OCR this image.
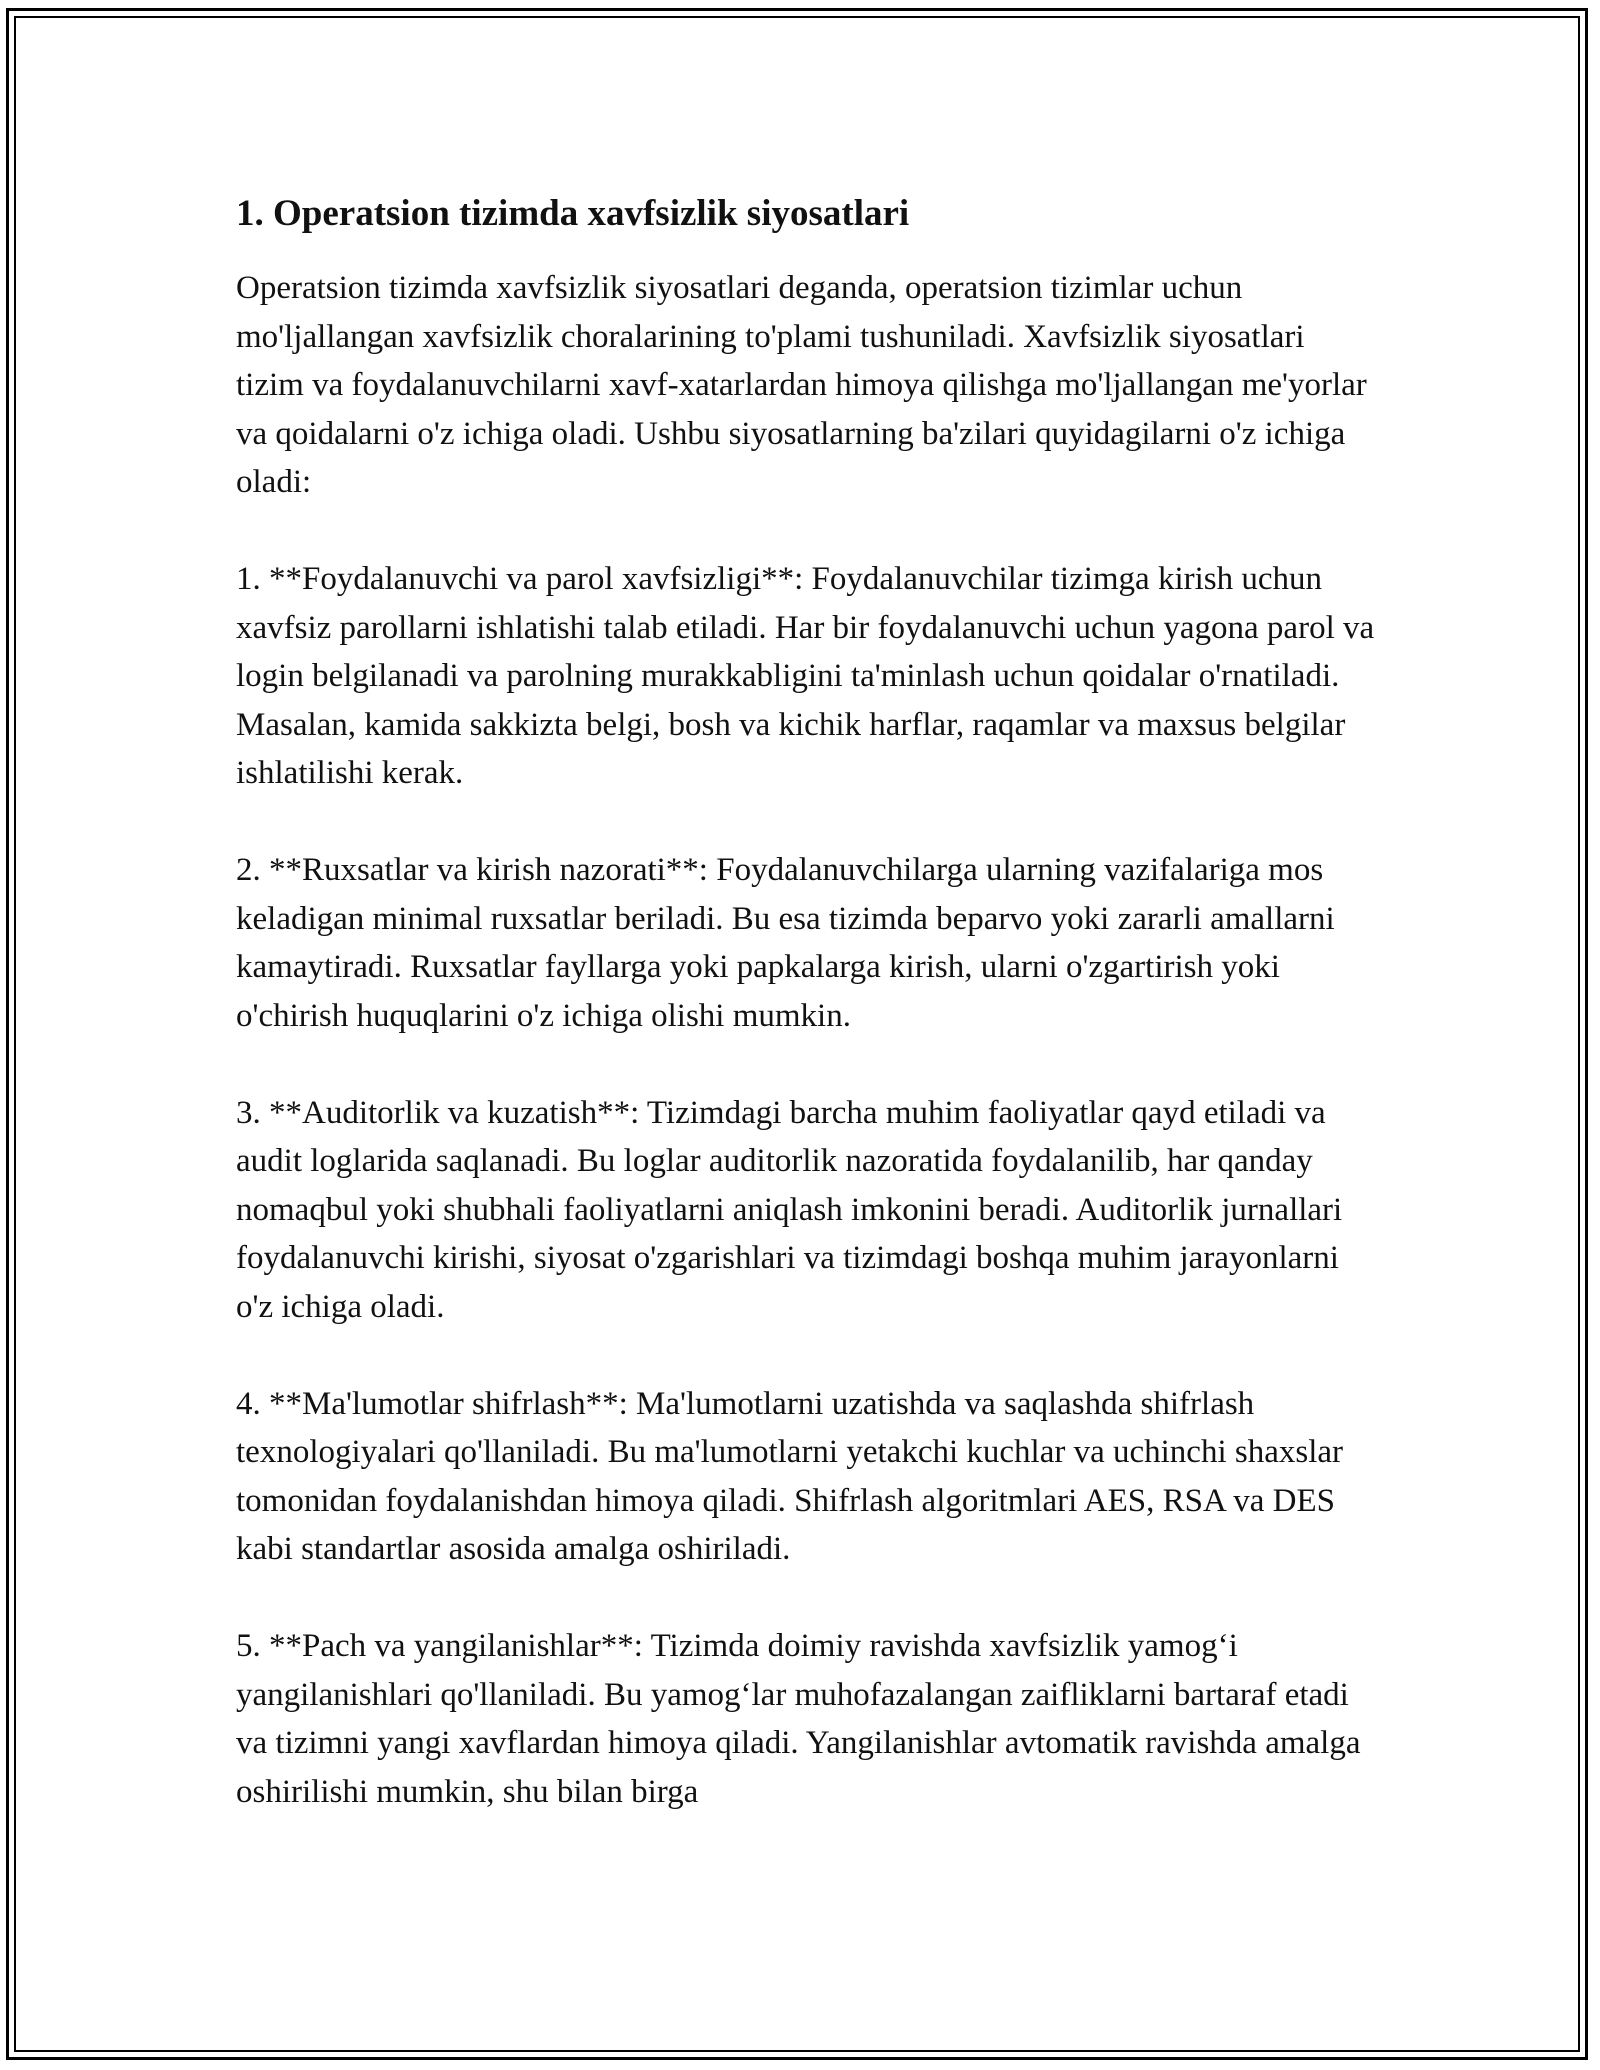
1. Operatsion tizimda xavfsizlik siyosatlari

Operatsion tizimda xavfsizlik siyosatlari deganda, operatsion tizimlar uchun mo'ljallangan xavfsizlik choralarining to'plami tushuniladi. Xavfsizlik siyosatlari tizim va foydalanuvchilarni xavf-xatarlardan himoya qilishga mo'ljallangan me'yorlar va qoidalarni o'z ichiga oladi. Ushbu siyosatlarning ba'zilari quyidagilarni o'z ichiga oladi:

1. **Foydalanuvchi va parol xavfsizligi**: Foydalanuvchilar tizimga kirish uchun xavfsiz parollarni ishlatishi talab etiladi. Har bir foydalanuvchi uchun yagona parol va login belgilanadi va parolning murakkabligini ta'minlash uchun qoidalar o'rnatiladi. Masalan, kamida sakkizta belgi, bosh va kichik harflar, raqamlar va maxsus belgilar ishlatilishi kerak.

2. **Ruxsatlar va kirish nazorati**: Foydalanuvchilarga ularning vazifalariga mos keladigan minimal ruxsatlar beriladi. Bu esa tizimda beparvo yoki zararli amallarni kamaytiradi. Ruxsatlar fayllarga yoki papkalarga kirish, ularni o'zgartirish yoki o'chirish huquqlarini o'z ichiga olishi mumkin.

3. **Auditorlik va kuzatish**: Tizimdagi barcha muhim faoliyatlar qayd etiladi va audit loglarida saqlanadi. Bu loglar auditorlik nazoratida foydalanilib, har qanday nomaqbul yoki shubhali faoliyatlarni aniqlash imkonini beradi. Auditorlik jurnallari foydalanuvchi kirishi, siyosat o'zgarishlari va tizimdagi boshqa muhim jarayonlarni o'z ichiga oladi.

4. **Ma'lumotlar shifrlash**: Ma'lumotlarni uzatishda va saqlashda shifrlash texnologiyalari qo'llaniladi. Bu ma'lumotlarni yetakchi kuchlar va uchinchi shaxslar tomonidan foydalanishdan himoya qiladi. Shifrlash algoritmlari AES, RSA va DES kabi standartlar asosida amalga oshiriladi.

5. **Pach va yangilanishlar**: Tizimda doimiy ravishda xavfsizlik yamog‘i yangilanishlari qo'llaniladi. Bu yamog‘lar muhofazalangan zaifliklarni bartaraf etadi va tizimni yangi xavflardan himoya qiladi. Yangilanishlar avtomatik ravishda amalga oshirilishi mumkin, shu bilan birga
